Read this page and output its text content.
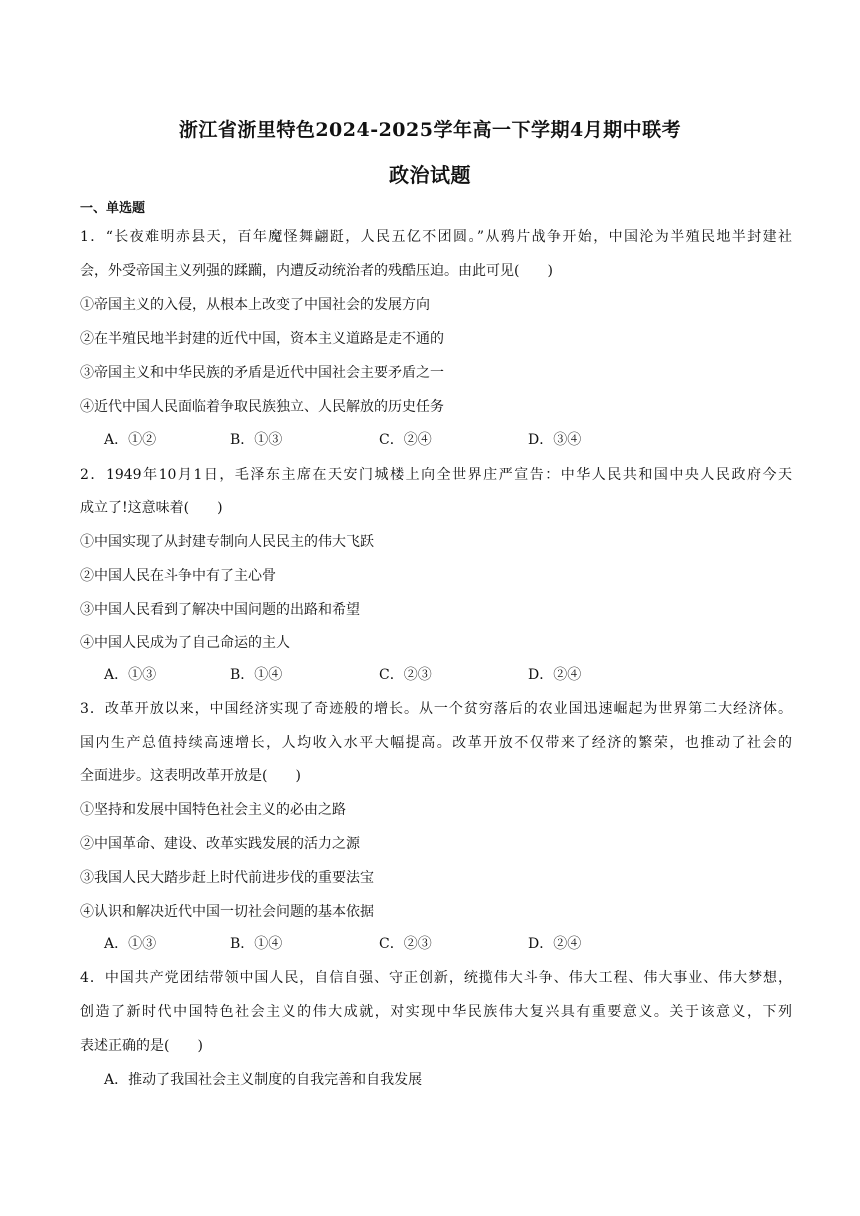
浙江省浙里特色2024-2025学年高一下学期4月期中联考
政治试题
一、单选题
1．“长夜难明赤县天，百年魔怪舞翩跹，人民五亿不团圆。”从鸦片战争开始，中国沦为半殖民地半封建社
会，外受帝国主义列强的蹂躏，内遭反动统治者的残酷压迫。由此可见(　　)
①帝国主义的入侵，从根本上改变了中国社会的发展方向
②在半殖民地半封建的近代中国，资本主义道路是走不通的
③帝国主义和中华民族的矛盾是近代中国社会主要矛盾之一
④近代中国人民面临着争取民族独立、人民解放的历史任务
A．①②	B．①③	C．②④	D．③④
2．1949年10月1日，毛泽东主席在天安门城楼上向全世界庄严宣告：中华人民共和国中央人民政府今天
成立了!这意味着(　　)
①中国实现了从封建专制向人民民主的伟大飞跃
②中国人民在斗争中有了主心骨
③中国人民看到了解决中国问题的出路和希望
④中国人民成为了自己命运的主人
A．①③	B．①④	C．②③	D．②④
3．改革开放以来，中国经济实现了奇迹般的增长。从一个贫穷落后的农业国迅速崛起为世界第二大经济体。
国内生产总值持续高速增长，人均收入水平大幅提高。改革开放不仅带来了经济的繁荣，也推动了社会的
全面进步。这表明改革开放是(　　)
①坚持和发展中国特色社会主义的必由之路
②中国革命、建设、改革实践发展的活力之源
③我国人民大踏步赶上时代前进步伐的重要法宝
④认识和解决近代中国一切社会问题的基本依据
A．①③	B．①④	C．②③	D．②④
4．中国共产党团结带领中国人民，自信自强、守正创新，统揽伟大斗争、伟大工程、伟大事业、伟大梦想，
创造了新时代中国特色社会主义的伟大成就，对实现中华民族伟大复兴具有重要意义。关于该意义，下列
表述正确的是(　　)
A．推动了我国社会主义制度的自我完善和自我发展
